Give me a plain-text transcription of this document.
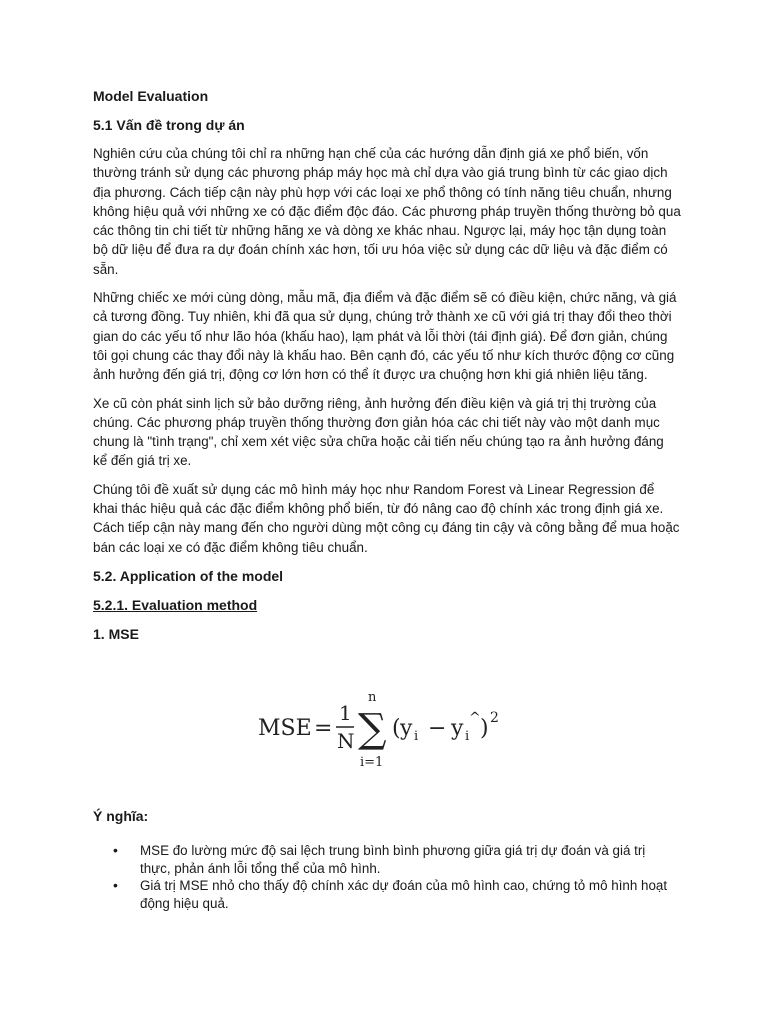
Model Evaluation
5.1 Vấn đề trong dự án

Nghiên cứu của chúng tôi chỉ ra những hạn chế của các hướng dẫn định giá xe phổ biến, vốn thường tránh sử dụng các phương pháp máy học mà chỉ dựa vào giá trung bình từ các giao dịch địa phương. Cách tiếp cận này phù hợp với các loại xe phổ thông có tính năng tiêu chuẩn, nhưng không hiệu quả với những xe có đặc điểm độc đáo. Các phương pháp truyền thống thường bỏ qua các thông tin chi tiết từ những hãng xe và dòng xe khác nhau. Ngược lại, máy học tận dụng toàn bộ dữ liệu để đưa ra dự đoán chính xác hơn, tối ưu hóa việc sử dụng các dữ liệu và đặc điểm có sẵn.

Những chiếc xe mới cùng dòng, mẫu mã, địa điểm và đặc điểm sẽ có điều kiện, chức năng, và giá cả tương đồng. Tuy nhiên, khi đã qua sử dụng, chúng trở thành xe cũ với giá trị thay đổi theo thời gian do các yếu tố như lão hóa (khấu hao), lạm phát và lỗi thời (tái định giá). Để đơn giản, chúng tôi gọi chung các thay đổi này là khấu hao. Bên cạnh đó, các yếu tố như kích thước động cơ cũng ảnh hưởng đến giá trị, động cơ lớn hơn có thể ít được ưa chuộng hơn khi giá nhiên liệu tăng.

Xe cũ còn phát sinh lịch sử bảo dưỡng riêng, ảnh hưởng đến điều kiện và giá trị thị trường của chúng. Các phương pháp truyền thống thường đơn giản hóa các chi tiết này vào một danh mục chung là "tình trạng", chỉ xem xét việc sửa chữa hoặc cải tiến nếu chúng tạo ra ảnh hưởng đáng kể đến giá trị xe.

Chúng tôi đề xuất sử dụng các mô hình máy học như Random Forest và Linear Regression để khai thác hiệu quả các đặc điểm không phổ biến, từ đó nâng cao độ chính xác trong định giá xe. Cách tiếp cận này mang đến cho người dùng một công cụ đáng tin cậy và công bằng để mua hoặc bán các loại xe có đặc điểm không tiêu chuẩn.

5.2. Application of the model
5.2.1. Evaluation method
1. MSE
MSE =
1
N
n
∑
i=1
( y i − y i
^ ) 2
Ý nghĩa:
• MSE đo lường mức độ sai lệch trung bình bình phương giữa giá trị dự đoán và giá trị thực, phản ánh lỗi tổng thể của mô hình.
• Giá trị MSE nhỏ cho thấy độ chính xác dự đoán của mô hình cao, chứng tỏ mô hình hoạt động hiệu quả.
